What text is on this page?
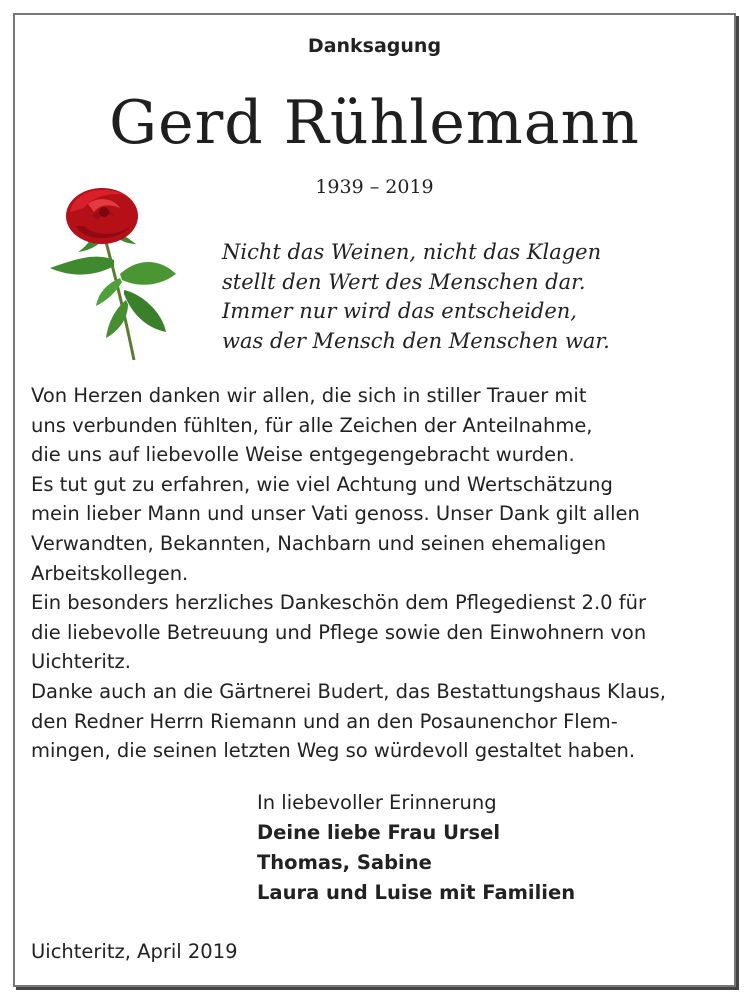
Danksagung
Gerd Rühlemann
1939 – 2019
Nicht das Weinen, nicht das Klagen
stellt den Wert des Menschen dar.
Immer nur wird das entscheiden,
was der Mensch den Menschen war.
Von Herzen danken wir allen, die sich in stiller Trauer mit
uns verbunden fühlten, für alle Zeichen der Anteilnahme,
die uns auf liebevolle Weise entgegengebracht wurden.
Es tut gut zu erfahren, wie viel Achtung und Wertschätzung
mein lieber Mann und unser Vati genoss. Unser Dank gilt allen
Verwandten, Bekannten, Nachbarn und seinen ehemaligen
Arbeitskollegen.
Ein besonders herzliches Dankeschön dem Pflegedienst 2.0 für
die liebevolle Betreuung und Pflege sowie den Einwohnern von
Uichteritz.
Danke auch an die Gärtnerei Budert, das Bestattungshaus Klaus,
den Redner Herrn Riemann und an den Posaunenchor Flem-
mingen, die seinen letzten Weg so würdevoll gestaltet haben.
In liebevoller Erinnerung
Deine liebe Frau Ursel
Thomas, Sabine
Laura und Luise mit Familien
Uichteritz, April 2019
